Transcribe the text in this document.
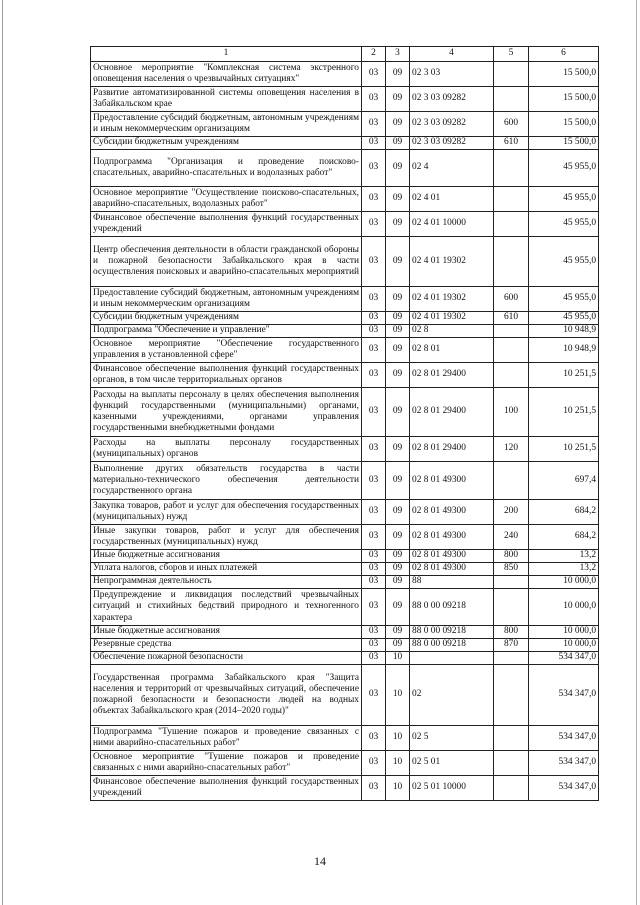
1	2	3	4	5	6
Основное мероприятие "Комплексная система экстренного оповещения населения о чрезвычайных ситуациях"	03	09	02 3 03		15 500,0
Развитие автоматизированной системы оповещения населения в Забайкальском крае	03	09	02 3 03 09282		15 500,0
Предоставление субсидий бюджетным, автономным учреждениям и иным некоммерческим организациям	03	09	02 3 03 09282	600	15 500,0
Субсидии бюджетным учреждениям	03	09	02 3 03 09282	610	15 500,0
Подпрограмма "Организация и проведение поисково-спасательных, аварийно-спасательных и водолазных работ"	03	09	02 4		45 955,0
Основное мероприятие "Осуществление поисково-спасательных, аварийно-спасательных, водолазных работ"	03	09	02 4 01		45 955,0
Финансовое обеспечение выполнения функций государственных учреждений	03	09	02 4 01 10000		45 955,0
Центр обеспечения деятельности в области гражданской обороны и пожарной безопасности Забайкальского края в части осуществления поисковых и аварийно-спасательных мероприятий	03	09	02 4 01 19302		45 955,0
Предоставление субсидий бюджетным, автономным учреждениям и иным некоммерческим организациям	03	09	02 4 01 19302	600	45 955,0
Субсидии бюджетным учреждениям	03	09	02 4 01 19302	610	45 955,0
Подпрограмма "Обеспечение и управление"	03	09	02 8		10 948,9
Основное мероприятие "Обеспечение государственного управления в установленной сфере"	03	09	02 8 01		10 948,9
Финансовое обеспечение выполнения функций государственных органов, в том числе территориальных органов	03	09	02 8 01 29400		10 251,5
Расходы на выплаты персоналу в целях обеспечения выполнения функций государственными (муниципальными) органами, казенными учреждениями, органами управления государственными внебюджетными фондами	03	09	02 8 01 29400	100	10 251,5
Расходы на выплаты персоналу государственных (муниципальных) органов	03	09	02 8 01 29400	120	10 251,5
Выполнение других обязательств государства в части материально-технического обеспечения деятельности государственного органа	03	09	02 8 01 49300		697,4
Закупка товаров, работ и услуг для обеспечения государственных (муниципальных) нужд	03	09	02 8 01 49300	200	684,2
Иные закупки товаров, работ и услуг для обеспечения государственных (муниципальных) нужд	03	09	02 8 01 49300	240	684,2
Иные бюджетные ассигнования	03	09	02 8 01 49300	800	13,2
Уплата налогов, сборов и иных платежей	03	09	02 8 01 49300	850	13,2
Непрограммная деятельность	03	09	88		10 000,0
Предупреждение и ликвидация последствий чрезвычайных ситуаций и стихийных бедствий природного и техногенного характера	03	09	88 0 00 09218		10 000,0
Иные бюджетные ассигнования	03	09	88 0 00 09218	800	10 000,0
Резервные средства	03	09	88 0 00 09218	870	10 000,0
Обеспечение пожарной безопасности	03	10			534 347,0
Государственная программа Забайкальского края "Защита населения и территорий от чрезвычайных ситуаций, обеспечение пожарной безопасности и безопасности людей на водных объектах Забайкальского края (2014–2020 годы)"	03	10	02		534 347,0
Подпрограмма "Тушение пожаров и проведение связанных с ними аварийно-спасательных работ"	03	10	02 5		534 347,0
Основное мероприятие "Тушение пожаров и проведение связанных с ними аварийно-спасательных работ"	03	10	02 5 01		534 347,0
Финансовое обеспечение выполнения функций государственных учреждений	03	10	02 5 01 10000		534 347,0
14
